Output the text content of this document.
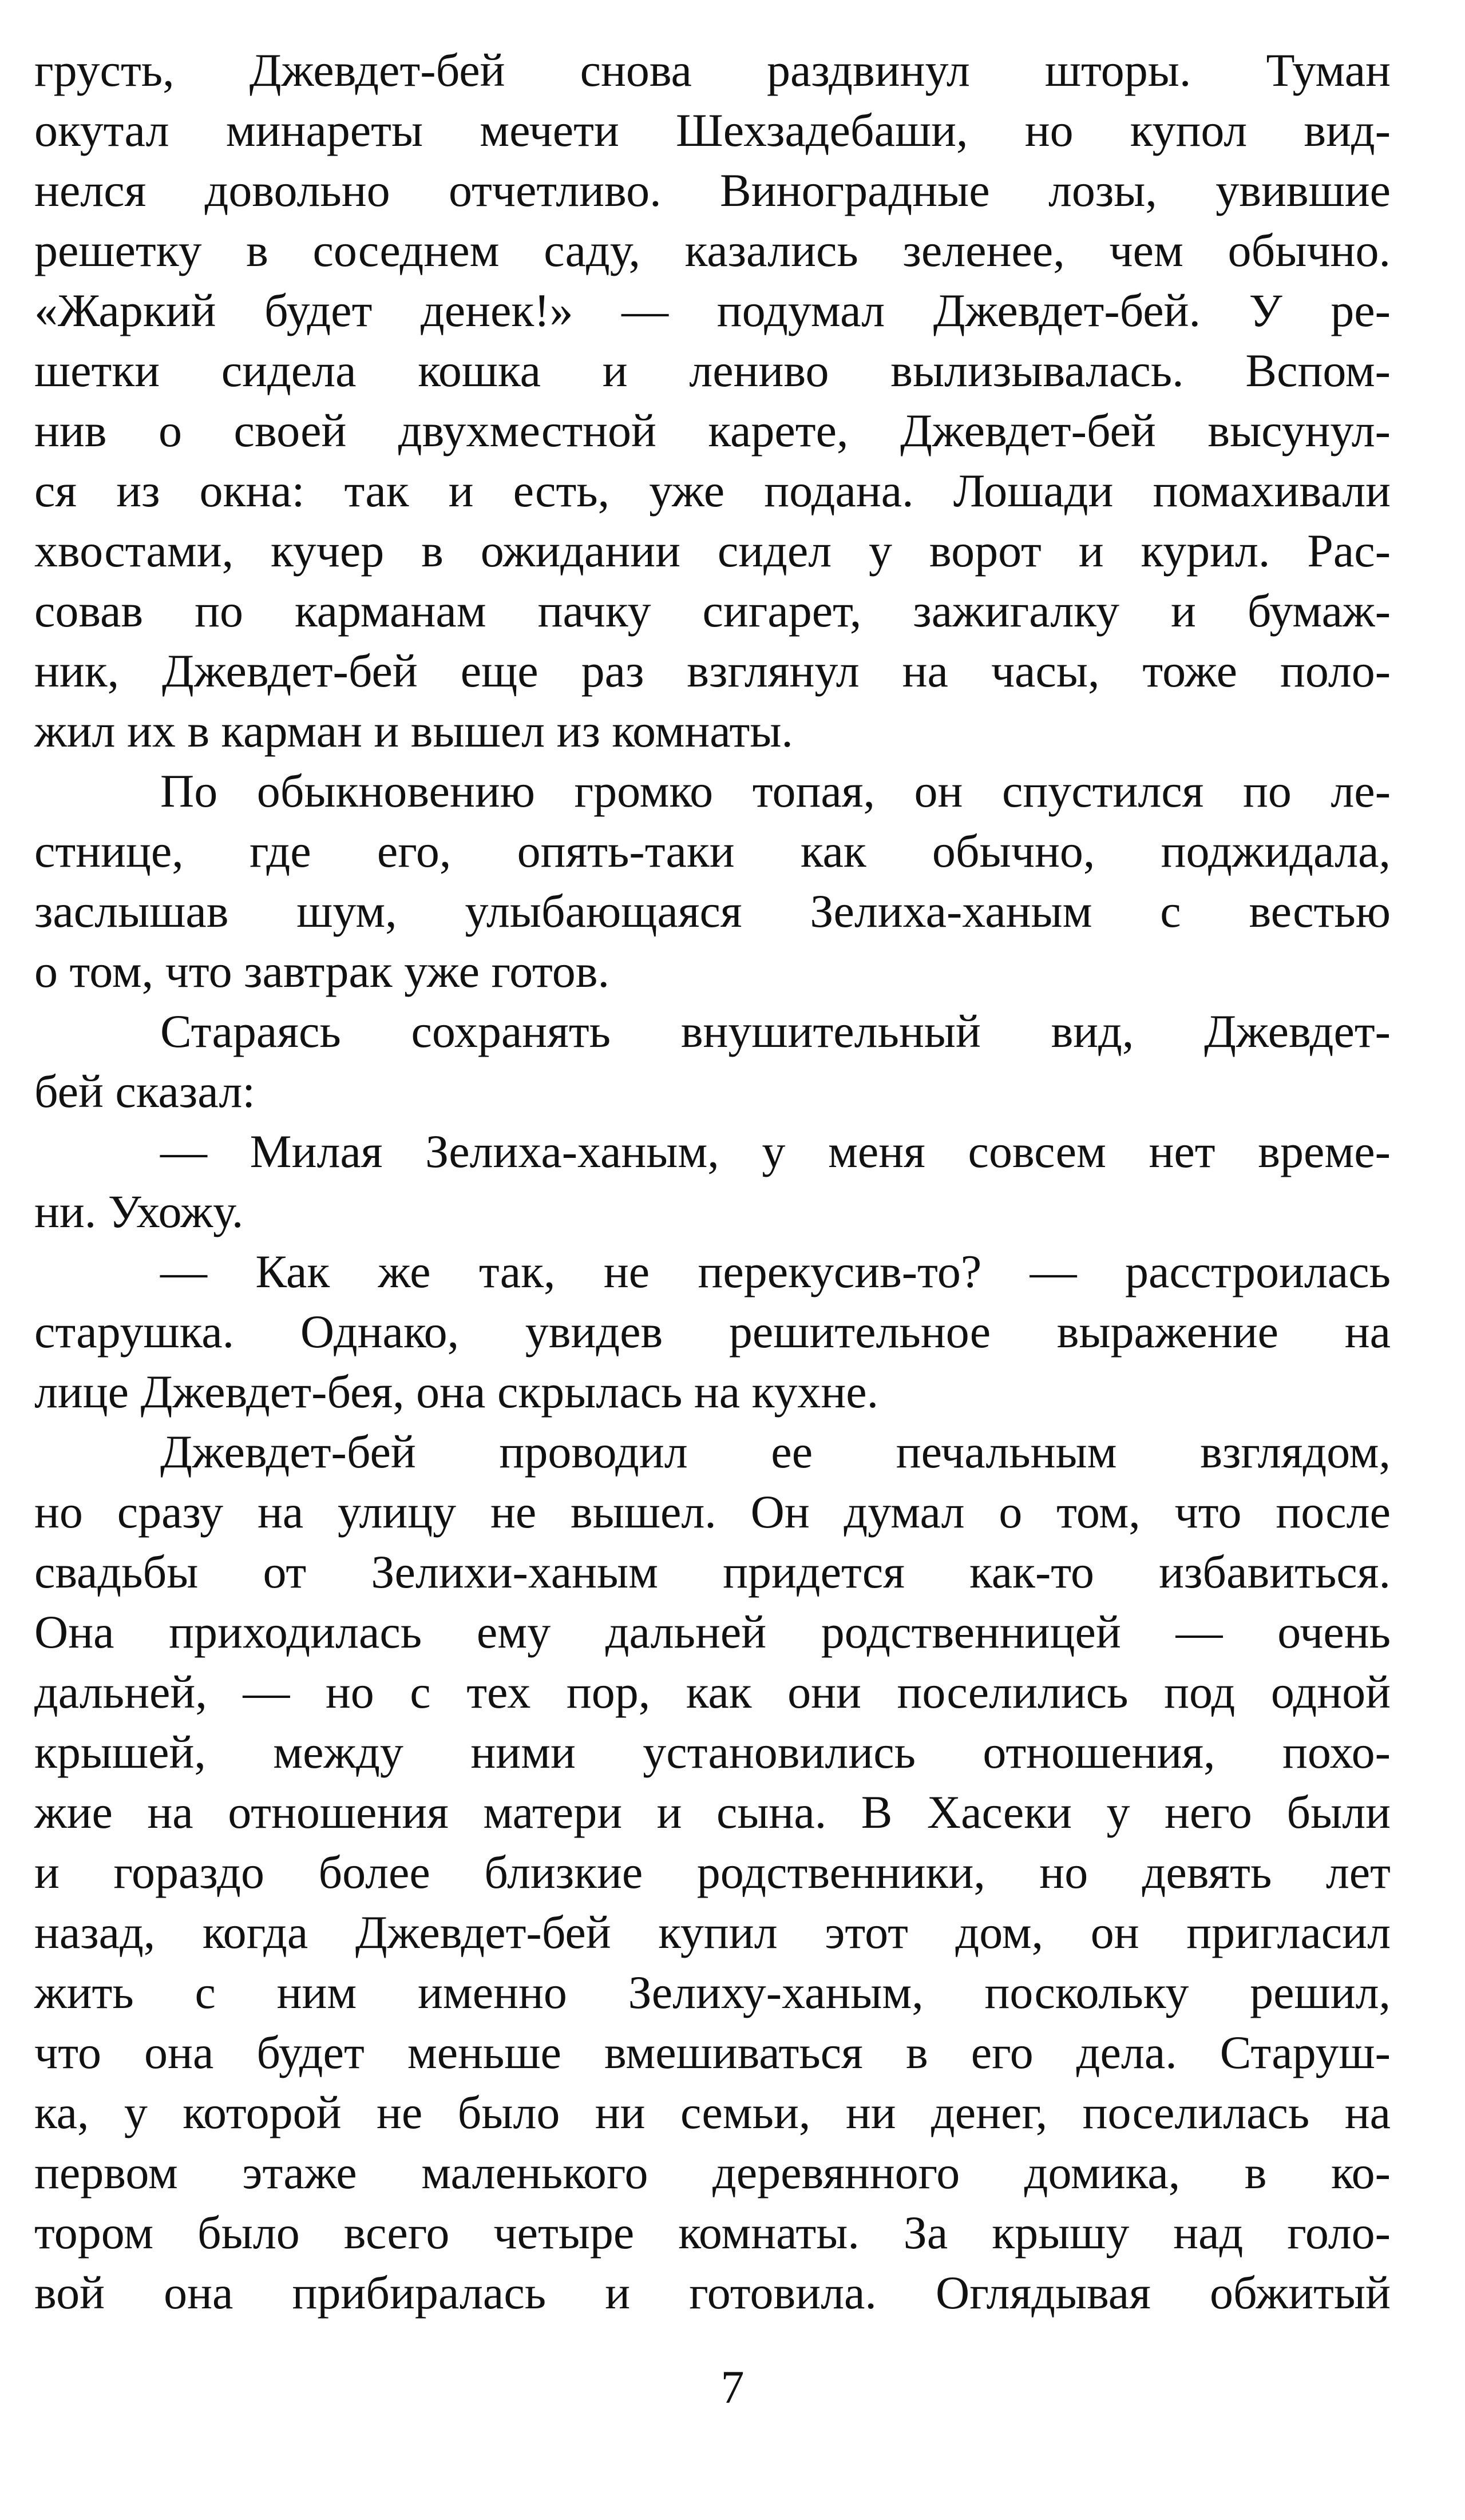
грусть, Джевдет-бей снова раздвинул шторы. Туман
окутал минареты мечети Шехзадебаши, но купол вид-
нелся довольно отчетливо. Виноградные лозы, увившие
решетку в соседнем саду, казались зеленее, чем обычно.
«Жаркий будет денек!» — подумал Джевдет-бей. У ре-
шетки сидела кошка и лениво вылизывалась. Вспом-
нив о своей двухместной карете, Джевдет-бей высунул-
ся из окна: так и есть, уже подана. Лошади помахивали
хвостами, кучер в ожидании сидел у ворот и курил. Рас-
совав по карманам пачку сигарет, зажигалку и бумаж-
ник, Джевдет-бей еще раз взглянул на часы, тоже поло-
жил их в карман и вышел из комнаты.
По обыкновению громко топая, он спустился по ле-
стнице, где его, опять-таки как обычно, поджидала,
заслышав шум, улыбающаяся Зелиха-ханым с вестью
о том, что завтрак уже готов.
Стараясь сохранять внушительный вид, Джевдет-
бей сказал:
— Милая Зелиха-ханым, у меня совсем нет време-
ни. Ухожу.
— Как же так, не перекусив-то? — расстроилась
старушка. Однако, увидев решительное выражение на
лице Джевдет-бея, она скрылась на кухне.
Джевдет-бей проводил ее печальным взглядом,
но сразу на улицу не вышел. Он думал о том, что после
свадьбы от Зелихи-ханым придется как-то избавиться.
Она приходилась ему дальней родственницей — очень
дальней, — но с тех пор, как они поселились под одной
крышей, между ними установились отношения, похо-
жие на отношения матери и сына. В Хасеки у него были
и гораздо более близкие родственники, но девять лет
назад, когда Джевдет-бей купил этот дом, он пригласил
жить с ним именно Зелиху-ханым, поскольку решил,
что она будет меньше вмешиваться в его дела. Старуш-
ка, у которой не было ни семьи, ни денег, поселилась на
первом этаже маленького деревянного домика, в ко-
тором было всего четыре комнаты. За крышу над голо-
вой она прибиралась и готовила. Оглядывая обжитый
7
